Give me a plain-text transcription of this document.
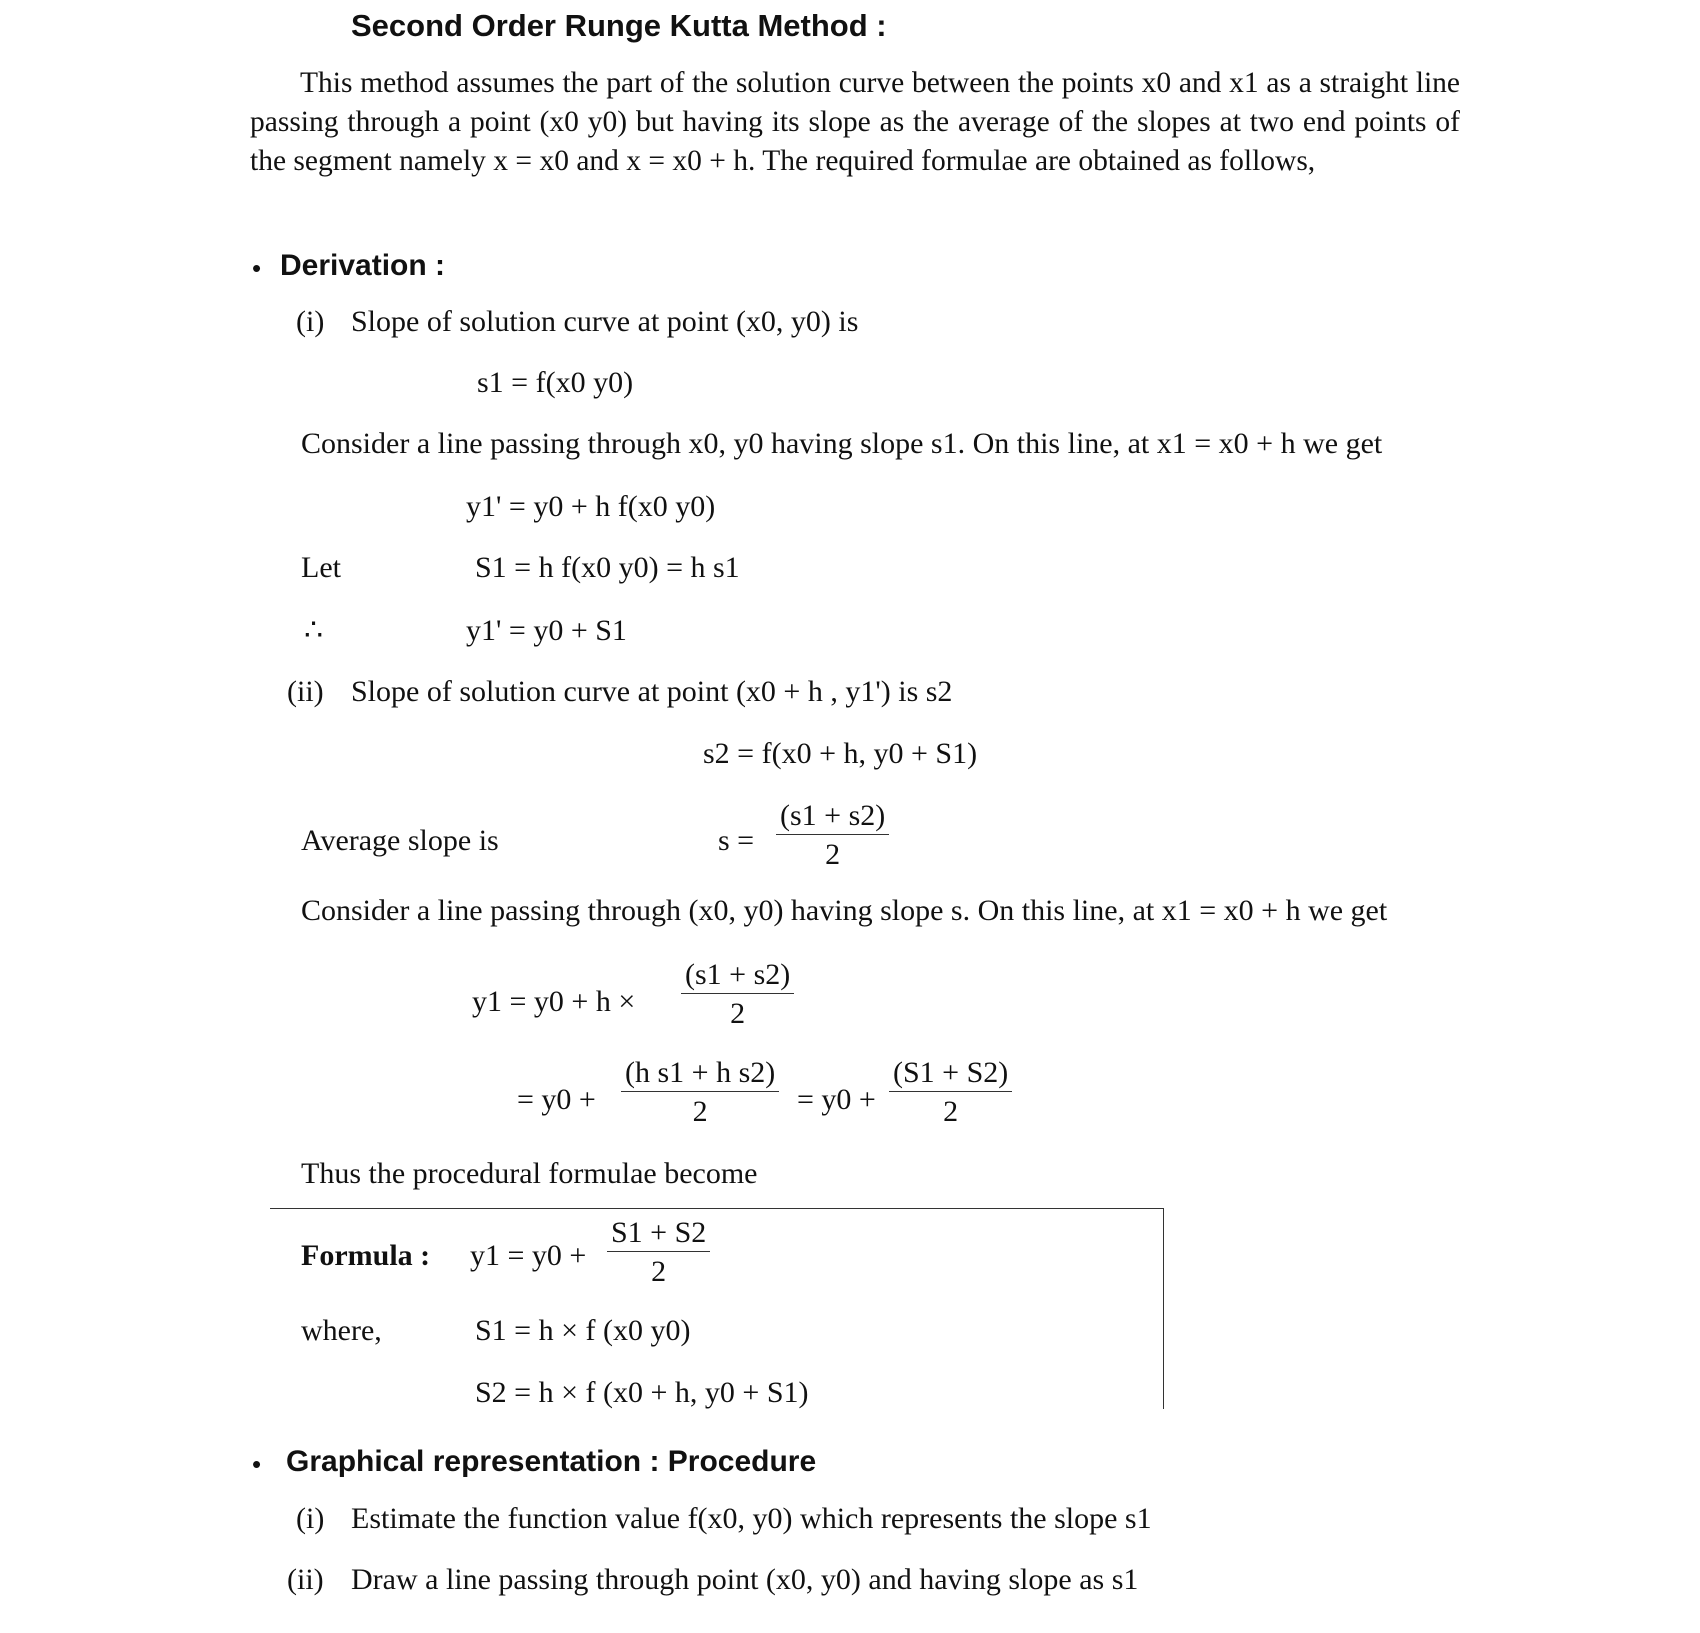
Second Order Runge Kutta Method :
This method assumes the part of the solution curve between the points x0 and x1 as a straight line passing through a point (x0 y0) but having its slope as the average of the slopes at two end points of the segment namely x = x0 and x = x0 + h. The required formulae are obtained as follows,
• Derivation :
(i) Slope of solution curve at point (x0, y0) is
s1 = f(x0 y0)
Consider a line passing through x0, y0 having slope s1. On this line, at x1 = x0 + h we get
y1' = y0 + h f(x0 y0)
Let	S1 = h f(x0 y0) = h s1
∴	y1' = y0 + S1
(ii) Slope of solution curve at point (x0 + h , y1') is s2
s2 = f(x0 + h, y0 + S1)
Average slope is	$s = \frac{(s1 + s2)}{2}$
Consider a line passing through (x0, y0) having slope s. On this line, at x1 = x0 + h we get
$y1 = y0 + h \times \frac{(s1 + s2)}{2}$
= $y0 + \frac{\text{(h s1 + h s2)}}{2} = y0 + \frac{(S1 + S2)}{2}$
Thus the procedural formulae become
Formula : $y1 = y0 + \frac{S1 + S2}{2}$
where,	S1 = h × f (x0 y0)
S2 = h × f (x0 + h, y0 + S1)
• Graphical representation : Procedure
(i) Estimate the function value f(x0, y0) which represents the slope s1
(ii) Draw a line passing through point (x0, y0) and having slope as s1
